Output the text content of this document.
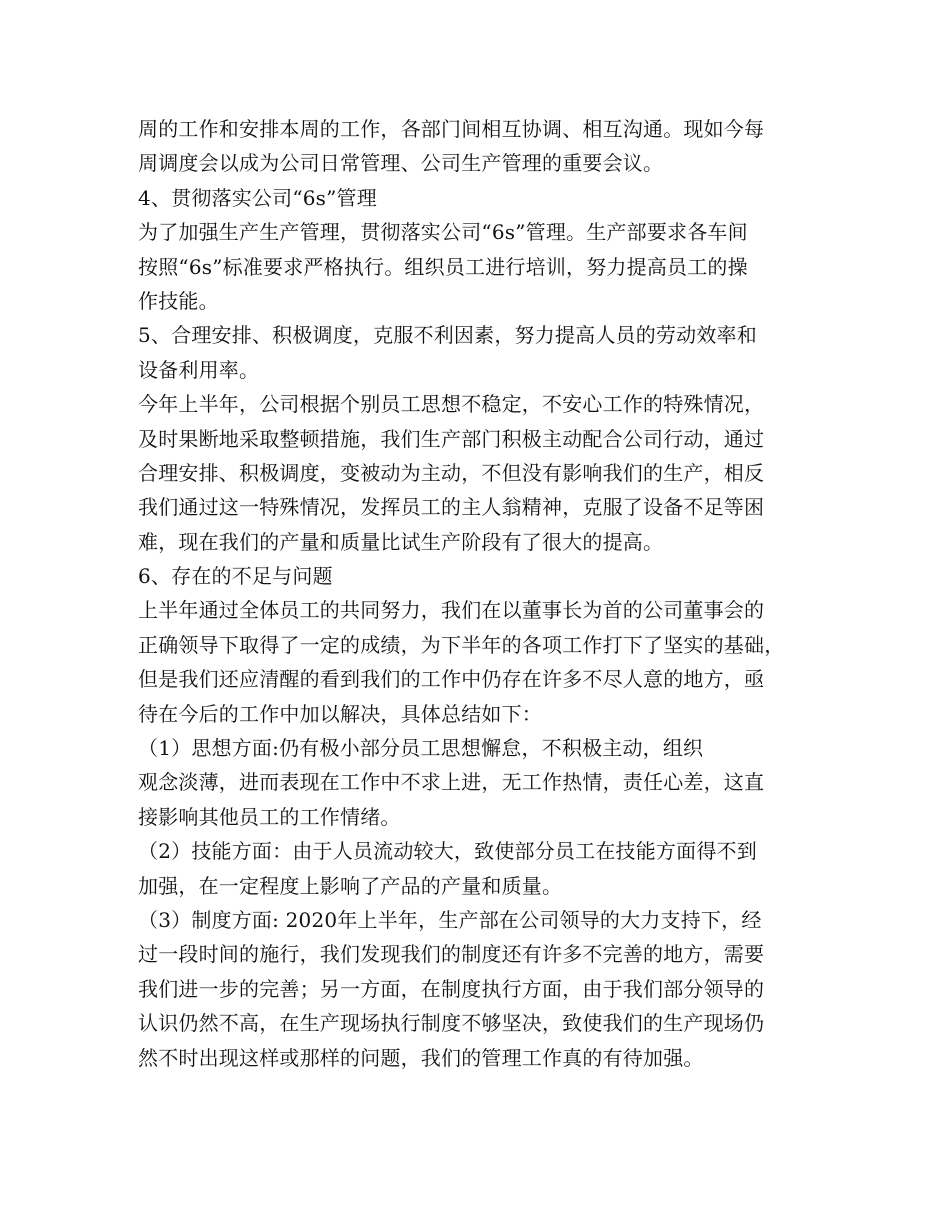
周的工作和安排本周的工作，各部门间相互协调、相互沟通。现如今每
周调度会以成为公司日常管理、公司生产管理的重要会议。
4、贯彻落实公司“6s”管理
为了加强生产生产管理，贯彻落实公司“6s”管理。生产部要求各车间
按照“6s”标准要求严格执行。组织员工进行培训，努力提高员工的操
作技能。
5、合理安排、积极调度，克服不利因素，努力提高人员的劳动效率和
设备利用率。
今年上半年，公司根据个别员工思想不稳定，不安心工作的特殊情况，
及时果断地采取整顿措施，我们生产部门积极主动配合公司行动，通过
合理安排、积极调度，变被动为主动，不但没有影响我们的生产，相反
我们通过这一特殊情况，发挥员工的主人翁精神，克服了设备不足等困
难，现在我们的产量和质量比试生产阶段有了很大的提高。
6、存在的不足与问题
上半年通过全体员工的共同努力，我们在以董事长为首的公司董事会的
正确领导下取得了一定的成绩，为下半年的各项工作打下了坚实的基础，
但是我们还应清醒的看到我们的工作中仍存在许多不尽人意的地方，亟
待在今后的工作中加以解决，具体总结如下：
（1）思想方面:仍有极小部分员工思想懈怠，不积极主动，组织
观念淡薄，进而表现在工作中不求上进，无工作热情，责任心差，这直
接影响其他员工的工作情绪。
（2）技能方面：由于人员流动较大，致使部分员工在技能方面得不到
加强，在一定程度上影响了产品的产量和质量。
（3）制度方面: 2020年上半年，生产部在公司领导的大力支持下，经
过一段时间的施行，我们发现我们的制度还有许多不完善的地方，需要
我们进一步的完善；另一方面，在制度执行方面，由于我们部分领导的
认识仍然不高，在生产现场执行制度不够坚决，致使我们的生产现场仍
然不时出现这样或那样的问题，我们的管理工作真的有待加强。
